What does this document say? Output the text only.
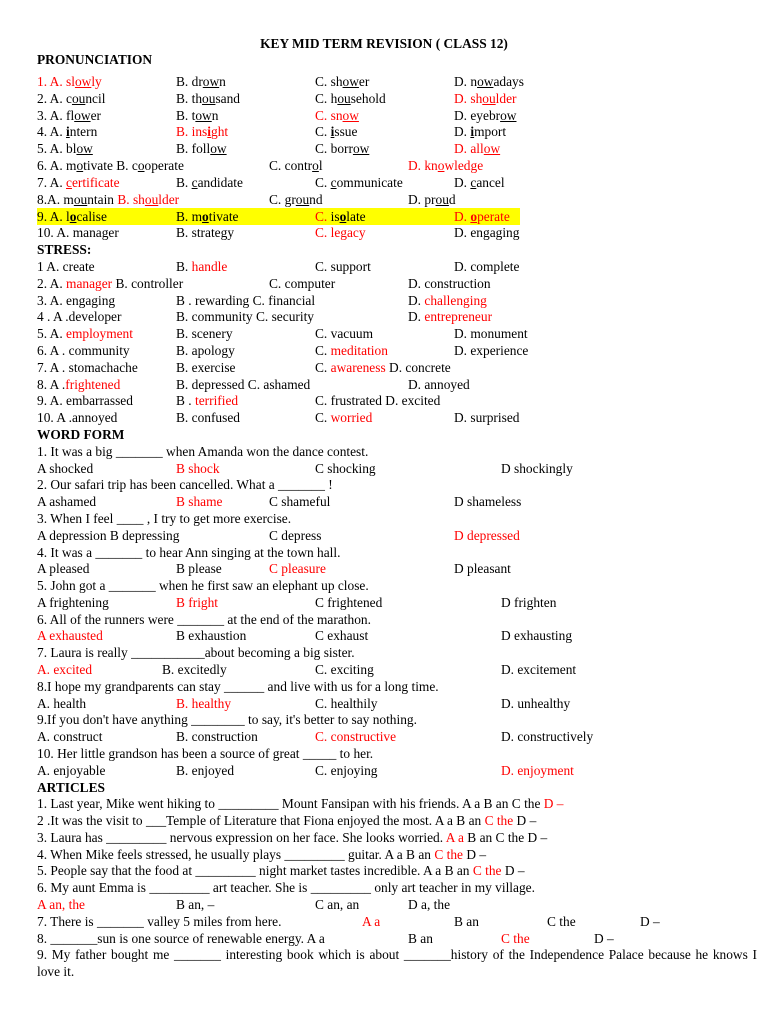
KEY MID TERM REVISION ( CLASS 12)
PRONUNCIATION
1. A. slowly	B. drown	C. shower	D. nowadays
2. A. council	B. thousand	C. household	D. shoulder
3. A. flower	B. town	C. snow	D. eyebrow
4. A. intern	B. insight	C. issue	D. import
5. A. blow	B. follow	C. borrow	D. allow
6. A. motivate B. cooperate	C. control	D. knowledge
7. A. certificate	B. candidate	C. communicate	D. cancel
8.A. mountain B. shoulder	C. ground	D. proud
9. A. localise	B. motivate	C. isolate	D. operate
10. A. manager	B. strategy	C. legacy	D. engaging
STRESS:
1 A. create	B. handle	C. support	D. complete
2. A. manager B. controller	C. computer	D. construction
3. A. engaging	B . rewarding C. financial	D. challenging
4 . A .developer	B. community C. security	D. entrepreneur
5. A. employment	B. scenery	C. vacuum	D. monument
6. A . community	B. apology	C. meditation	D. experience
7. A . stomachache	B. exercise	C. awareness D. concrete
8. A .frightened	B. depressed C. ashamed	D. annoyed
9. A. embarrassed	B . terrified	C. frustrated D. excited
10. A .annoyed	B. confused	C. worried	D. surprised
WORD FORM
1. It was a big _______ when Amanda won the dance contest.
A shocked	B shock	C shocking	D shockingly
2. Our safari trip has been cancelled. What a _______ !
A ashamed	B shame	C shameful	D shameless
3. When I feel ____ , I try to get more exercise.
A depression B depressing	C depress	D depressed
4. It was a _______ to hear Ann singing at the town hall.
A pleased	B please	C pleasure	D pleasant
5. John got a _______ when he first saw an elephant up close.
A frightening	B fright	C frightened	D frighten
6. All of the runners were _______ at the end of the marathon.
A exhausted	B exhaustion	C exhaust	D exhausting
7. Laura is really ___________about becoming a big sister.
A. excited	B. excitedly	C. exciting	D. excitement
8.I hope my grandparents can stay ______ and live with us for a long time.
A. health	B. healthy	C. healthily	D. unhealthy
9.If you don't have anything ________ to say, it's better to say nothing.
A. construct	B. construction	C. constructive	D. constructively
10. Her little grandson has been a source of great _____ to her.
A. enjoyable	B. enjoyed	C. enjoying	D. enjoyment
ARTICLES
1. Last year, Mike went hiking to _________ Mount Fansipan with his friends. A a B an C the D –
2 .It was the visit to ___Temple of Literature that Fiona enjoyed the most. A a B an C the D –
3. Laura has _________ nervous expression on her face. She looks worried. A a B an C the D –
4. When Mike feels stressed, he usually plays _________ guitar. A a B an C the D –
5. People say that the food at _________ night market tastes incredible. A a B an C the D –
6. My aunt Emma is _________ art teacher. She is _________ only art teacher in my village.
A an, the	B an, –	C an, an	D a, the
7. There is _______ valley 5 miles from here.	A a	B an	C the	D –
8. _______sun is one source of renewable energy. A a	B an	C the	D –
9. My father bought me _______ interesting book which is about _______history of the Independence Palace because he knows I love it.
